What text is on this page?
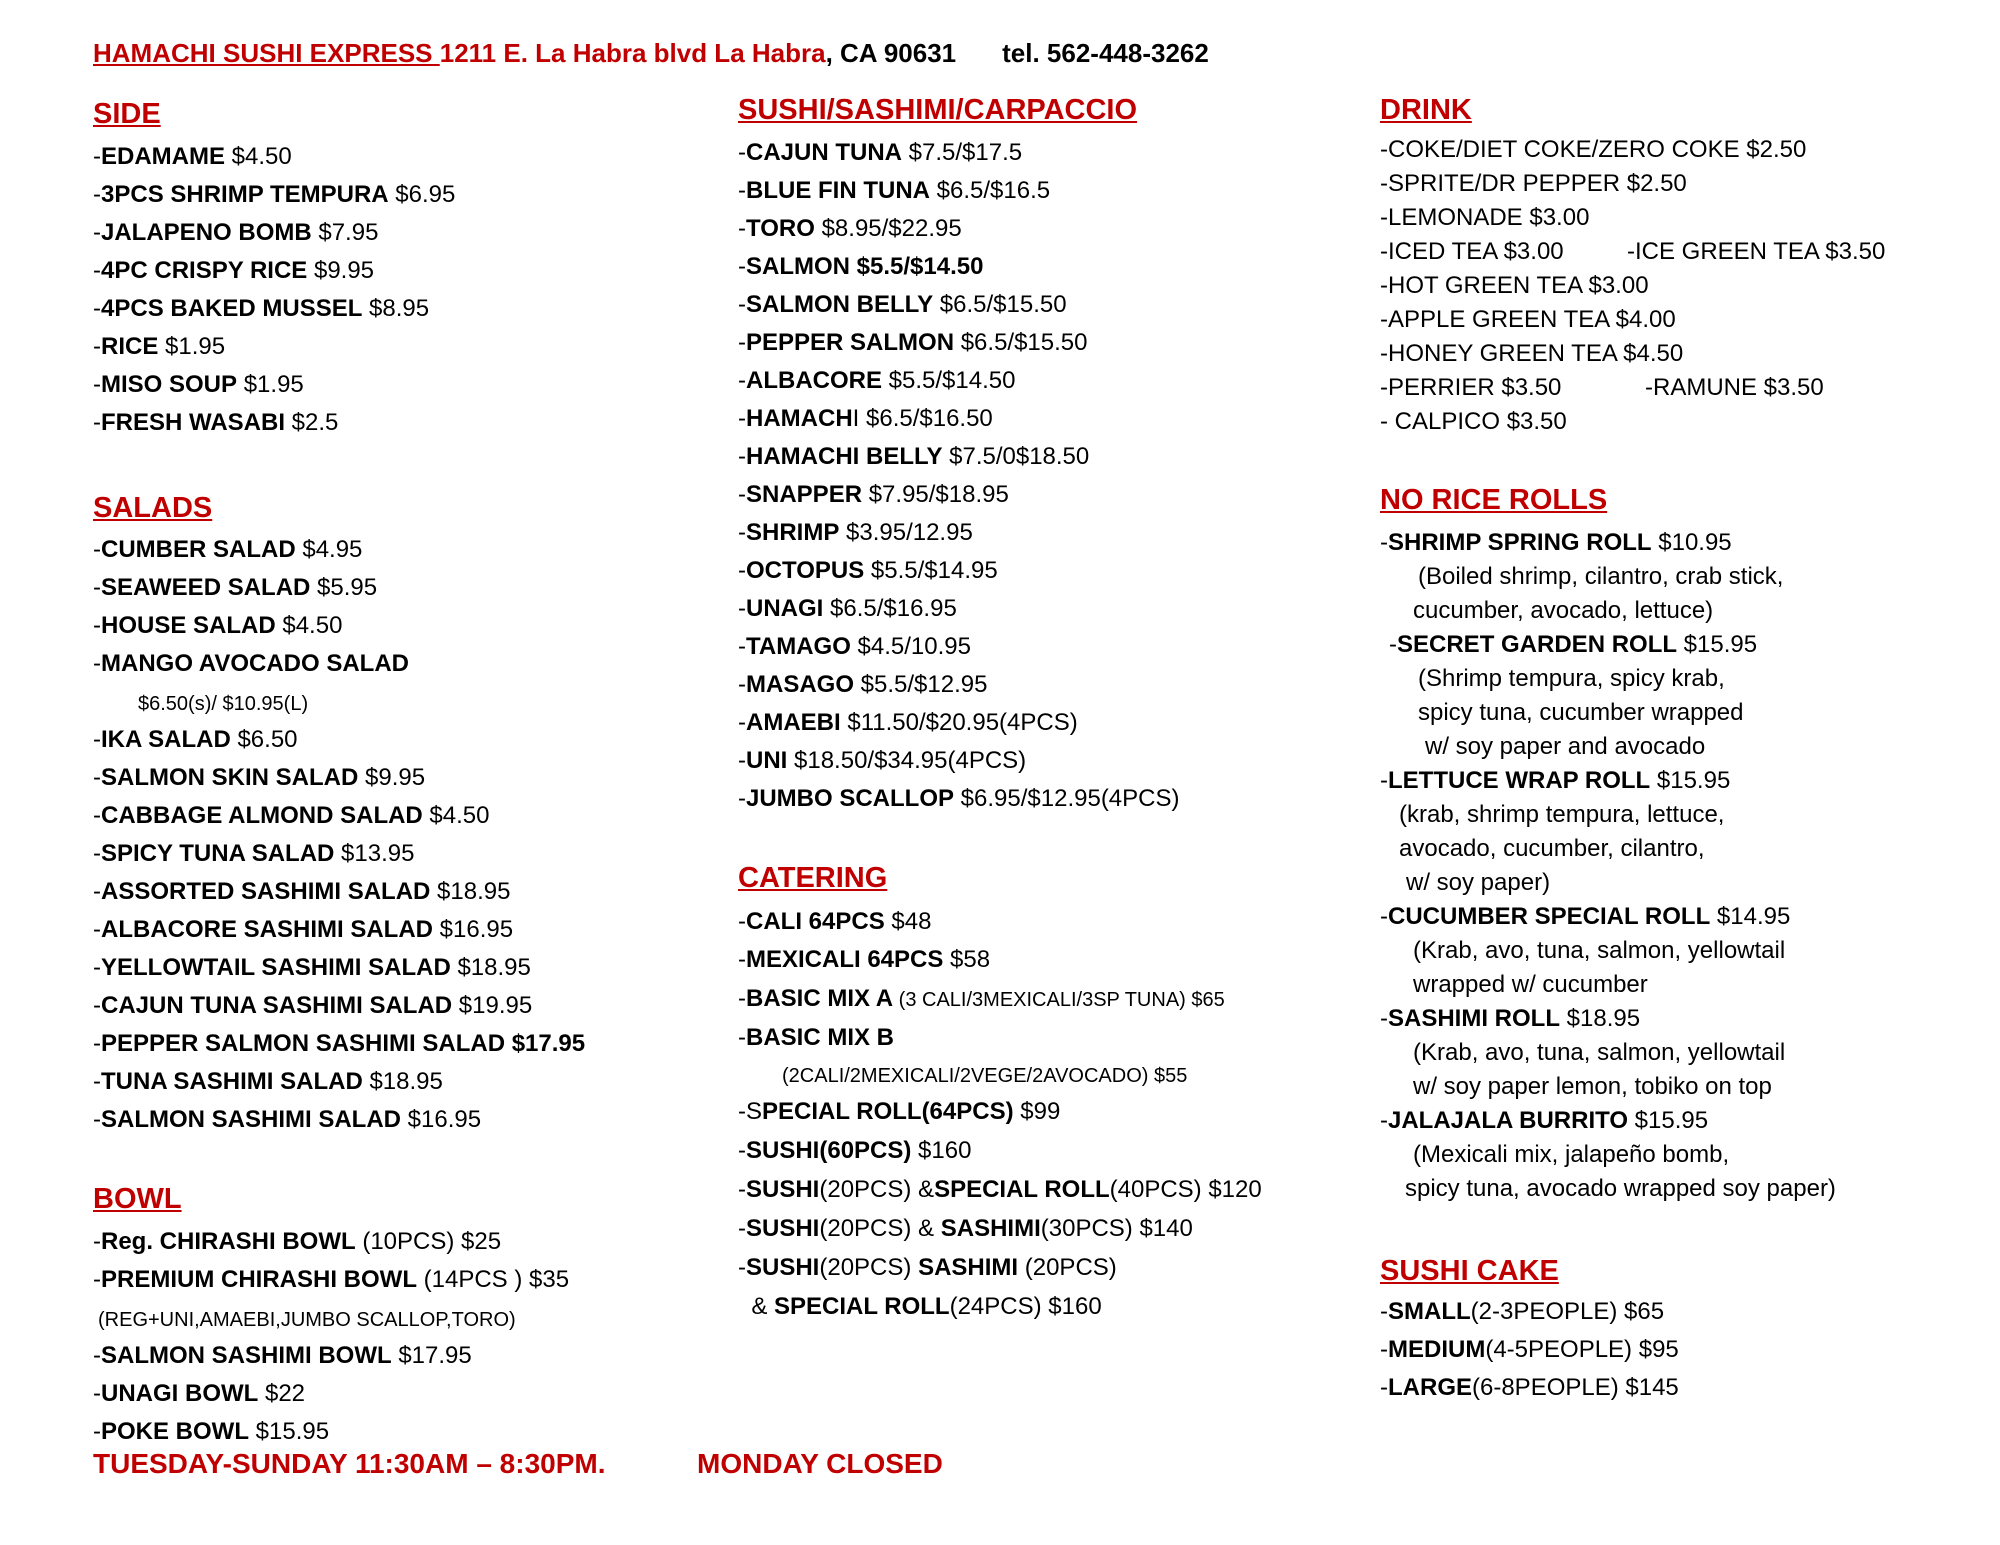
HAMACHI SUSHI EXPRESS 1211 E. La Habra blvd La Habra, CA 90631 tel. 562-448-3262
SIDE
-EDAMAME $4.50
-3PCS SHRIMP TEMPURA $6.95
-JALAPENO BOMB $7.95
-4PC CRISPY RICE $9.95
-4PCS BAKED MUSSEL $8.95
-RICE $1.95
-MISO SOUP $1.95
-FRESH WASABI $2.5
SALADS
-CUMBER SALAD $4.95
-SEAWEED SALAD $5.95
-HOUSE SALAD $4.50
-MANGO AVOCADO SALAD
$6.50(s)/ $10.95(L)
-IKA SALAD $6.50
-SALMON SKIN SALAD $9.95
-CABBAGE ALMOND SALAD $4.50
-SPICY TUNA SALAD $13.95
-ASSORTED SASHIMI SALAD $18.95
-ALBACORE SASHIMI SALAD $16.95
-YELLOWTAIL SASHIMI SALAD $18.95
-CAJUN TUNA SASHIMI SALAD $19.95
-PEPPER SALMON SASHIMI SALAD $17.95
-TUNA SASHIMI SALAD $18.95
-SALMON SASHIMI SALAD $16.95
BOWL
-Reg. CHIRASHI BOWL (10PCS) $25
-PREMIUM CHIRASHI BOWL (14PCS ) $35
(REG+UNI,AMAEBI,JUMBO SCALLOP,TORO)
-SALMON SASHIMI BOWL $17.95
-UNAGI BOWL $22
-POKE BOWL $15.95
SUSHI/SASHIMI/CARPACCIO
-CAJUN TUNA $7.5/$17.5
-BLUE FIN TUNA $6.5/$16.5
-TORO $8.95/$22.95
-SALMON $5.5/$14.50
-SALMON BELLY $6.5/$15.50
-PEPPER SALMON $6.5/$15.50
-ALBACORE $5.5/$14.50
-HAMACHI $6.5/$16.50
-HAMACHI BELLY $7.5/0$18.50
-SNAPPER $7.95/$18.95
-SHRIMP $3.95/12.95
-OCTOPUS $5.5/$14.95
-UNAGI $6.5/$16.95
-TAMAGO $4.5/10.95
-MASAGO $5.5/$12.95
-AMAEBI $11.50/$20.95(4PCS)
-UNI $18.50/$34.95(4PCS)
-JUMBO SCALLOP $6.95/$12.95(4PCS)
CATERING
-CALI 64PCS $48
-MEXICALI 64PCS $58
-BASIC MIX A (3 CALI/3MEXICALI/3SP TUNA) $65
-BASIC MIX B
(2CALI/2MEXICALI/2VEGE/2AVOCADO) $55
-SPECIAL ROLL(64PCS) $99
-SUSHI(60PCS) $160
-SUSHI(20PCS) &SPECIAL ROLL(40PCS) $120
-SUSHI(20PCS) & SASHIMI(30PCS) $140
-SUSHI(20PCS) SASHIMI (20PCS)
& SPECIAL ROLL(24PCS) $160
DRINK
-COKE/DIET COKE/ZERO COKE $2.50
-SPRITE/DR PEPPER $2.50
-LEMONADE $3.00
-ICED TEA $3.00	-ICE GREEN TEA $3.50
-HOT GREEN TEA $3.00
-APPLE GREEN TEA $4.00
-HONEY GREEN TEA $4.50
-PERRIER $3.50	-RAMUNE $3.50
- CALPICO $3.50
NO RICE ROLLS
-SHRIMP SPRING ROLL $10.95
(Boiled shrimp, cilantro, crab stick,
cucumber, avocado, lettuce)
-SECRET GARDEN ROLL $15.95
(Shrimp tempura, spicy krab,
spicy tuna, cucumber wrapped
w/ soy paper and avocado
-LETTUCE WRAP ROLL $15.95
(krab, shrimp tempura, lettuce,
avocado, cucumber, cilantro,
w/ soy paper)
-CUCUMBER SPECIAL ROLL $14.95
(Krab, avo, tuna, salmon, yellowtail
wrapped w/ cucumber
-SASHIMI ROLL $18.95
(Krab, avo, tuna, salmon, yellowtail
w/ soy paper lemon, tobiko on top
-JALAJALA BURRITO $15.95
(Mexicali mix, jalapeño bomb,
spicy tuna, avocado wrapped soy paper)
SUSHI CAKE
-SMALL(2-3PEOPLE) $65
-MEDIUM(4-5PEOPLE) $95
-LARGE(6-8PEOPLE) $145
TUESDAY-SUNDAY 11:30AM – 8:30PM.	MONDAY CLOSED
